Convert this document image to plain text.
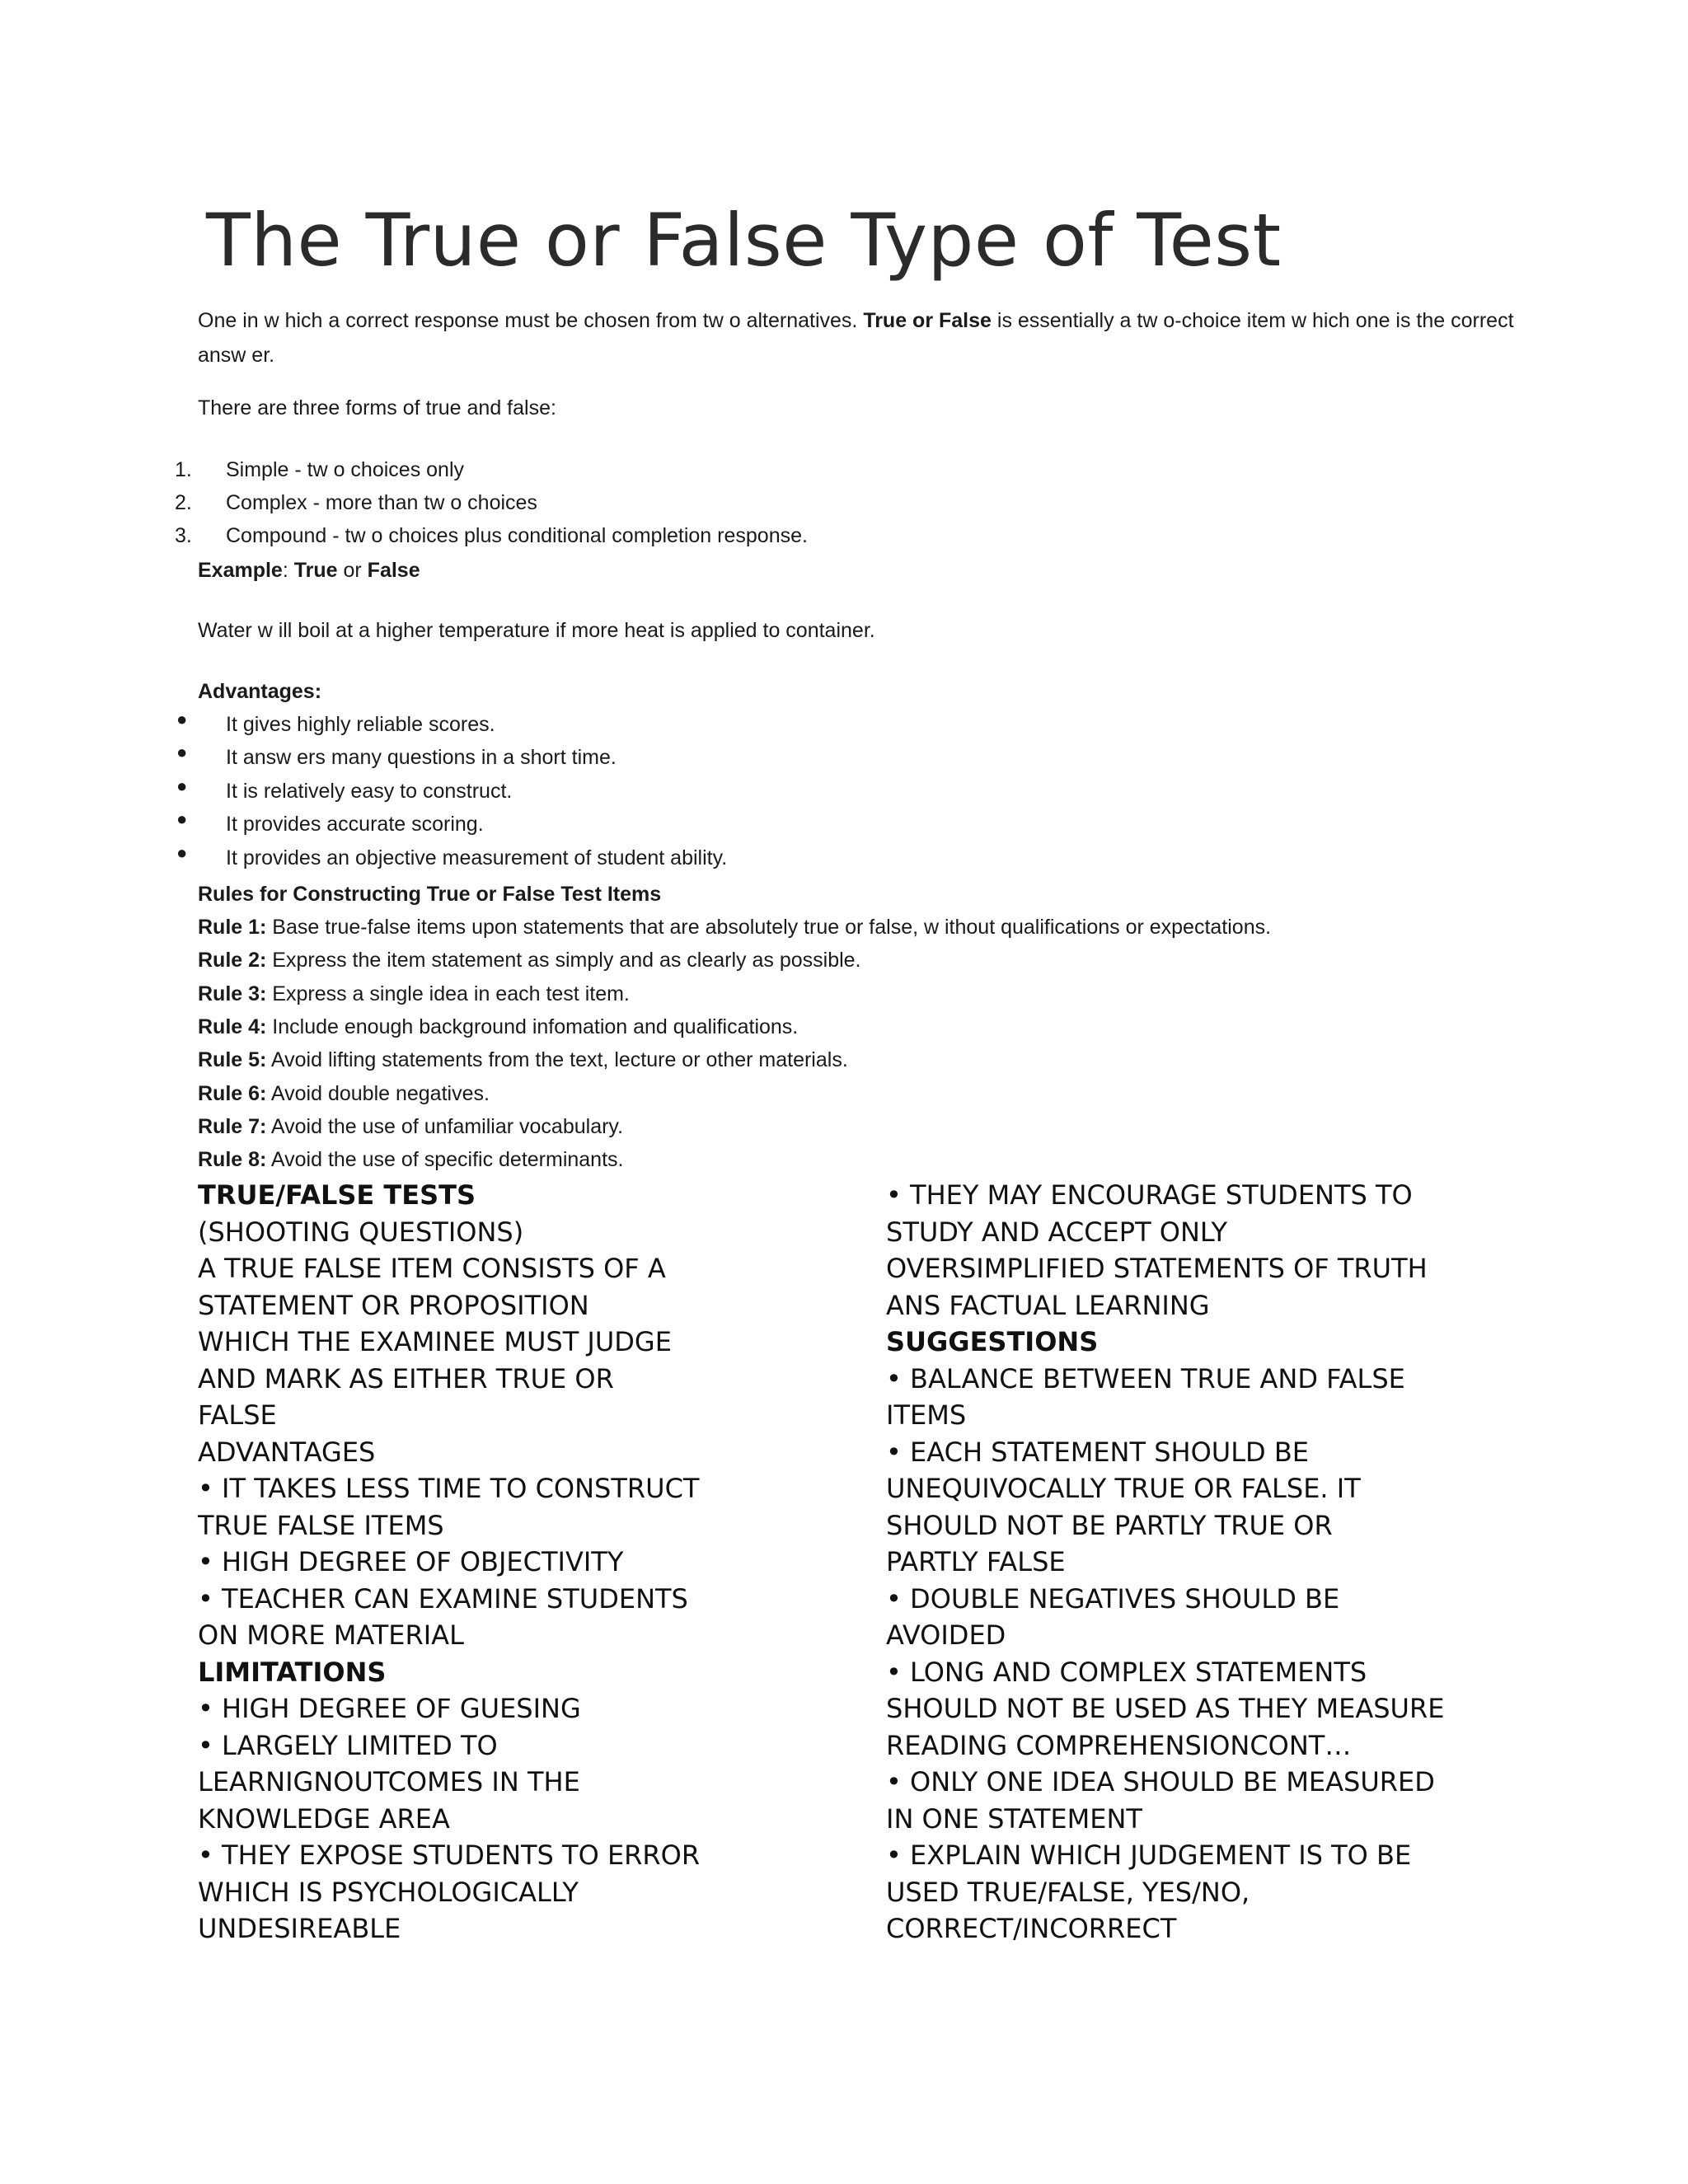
The True or False Type of Test
One in w hich a correct response must be chosen from tw o alternatives. True or False is essentially a tw o-choice item w hich one is the correct answ er.
There are three forms of true and false:
1. Simple - tw o choices only
2. Complex - more than tw o choices
3. Compound - tw o choices plus conditional completion response.
Example: True or False
Water w ill boil at a higher temperature if more heat is applied to container.
Advantages:
● It gives highly reliable scores.
● It answ ers many questions in a short time.
● It is relatively easy to construct.
● It provides accurate scoring.
● It provides an objective measurement of student ability.
Rules for Constructing True or False Test Items
Rule 1: Base true-false items upon statements that are absolutely true or false, w ithout qualifications or expectations.
Rule 2: Express the item statement as simply and as clearly as possible.
Rule 3: Express a single idea in each test item.
Rule 4: Include enough background infomation and qualifications.
Rule 5: Avoid lifting statements from the text, lecture or other materials.
Rule 6: Avoid double negatives.
Rule 7: Avoid the use of unfamiliar vocabulary.
Rule 8: Avoid the use of specific determinants.
TRUE/FALSE TESTS
(SHOOTING QUESTIONS)
A TRUE FALSE ITEM CONSISTS OF A
STATEMENT OR PROPOSITION
WHICH THE EXAMINEE MUST JUDGE
AND MARK AS EITHER TRUE OR
FALSE
ADVANTAGES
• IT TAKES LESS TIME TO CONSTRUCT
TRUE FALSE ITEMS
• HIGH DEGREE OF OBJECTIVITY
• TEACHER CAN EXAMINE STUDENTS
ON MORE MATERIAL
LIMITATIONS
• HIGH DEGREE OF GUESING
• LARGELY LIMITED TO
LEARNIGNOUTCOMES IN THE
KNOWLEDGE AREA
• THEY EXPOSE STUDENTS TO ERROR
WHICH IS PSYCHOLOGICALLY
UNDESIREABLE
• THEY MAY ENCOURAGE STUDENTS TO
STUDY AND ACCEPT ONLY
OVERSIMPLIFIED STATEMENTS OF TRUTH
ANS FACTUAL LEARNING
SUGGESTIONS
• BALANCE BETWEEN TRUE AND FALSE
ITEMS
• EACH STATEMENT SHOULD BE
UNEQUIVOCALLY TRUE OR FALSE. IT
SHOULD NOT BE PARTLY TRUE OR
PARTLY FALSE
• DOUBLE NEGATIVES SHOULD BE
AVOIDED
• LONG AND COMPLEX STATEMENTS
SHOULD NOT BE USED AS THEY MEASURE
READING COMPREHENSIONCONT…
• ONLY ONE IDEA SHOULD BE MEASURED
IN ONE STATEMENT
• EXPLAIN WHICH JUDGEMENT IS TO BE
USED TRUE/FALSE, YES/NO,
CORRECT/INCORRECT
